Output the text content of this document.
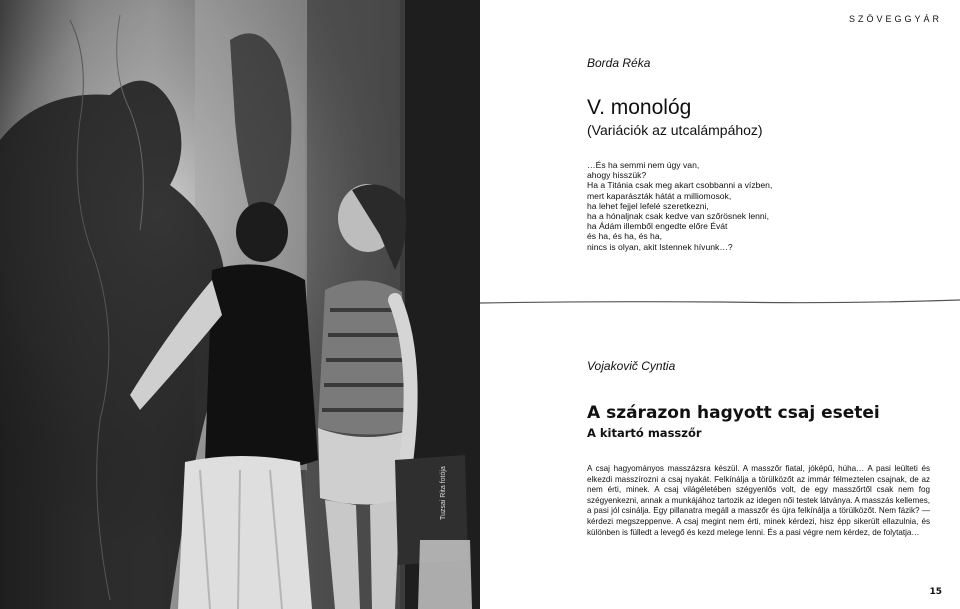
Tuzsai Rita fotója
SZÖVEGGYÁR
Borda Réka
V. monológ
(Variációk az utcalámpához)
…És ha semmi nem úgy van,
ahogy hisszük?
Ha a Titánia csak meg akart csobbanni a vízben,
mert kaparászták hátát a milliomosok,
ha lehet fejjel lefelé szeretkezni,
ha a hónaljnak csak kedve van szőrösnek lenni,
ha Ádám illemből engedte előre Évát
és ha, és ha, és ha,
nincs is olyan, akit Istennek hívunk…?
Vojakovič Cyntia
A szárazon hagyott csaj esetei
A kitartó masszőr
A csaj hagyományos masszázsra készül. A masszőr fiatal, jóképű, húha… A pasi leülteti és elkezdi masszírozni a csaj nyakát. Felkínálja a törülközőt az immár félmeztelen csajnak, de az nem érti, minek. A csaj világéletében szégyenlős volt, de egy masszőrtől csak nem fog szégyenkezni, annak a munkájához tartozik az idegen női testek látványa. A masszás kellemes, a pasi jól csinálja. Egy pillanatra megáll a masszőr és újra felkínálja a törülközőt. Nem fázik? — kérdezi megszeppenve. A csaj megint nem érti, minek kérdezi, hisz épp sikerült ellazulnia, és különben is fülledt a levegő és kezd melege lenni. És a pasi végre nem kérdez, de folytatja…
15
